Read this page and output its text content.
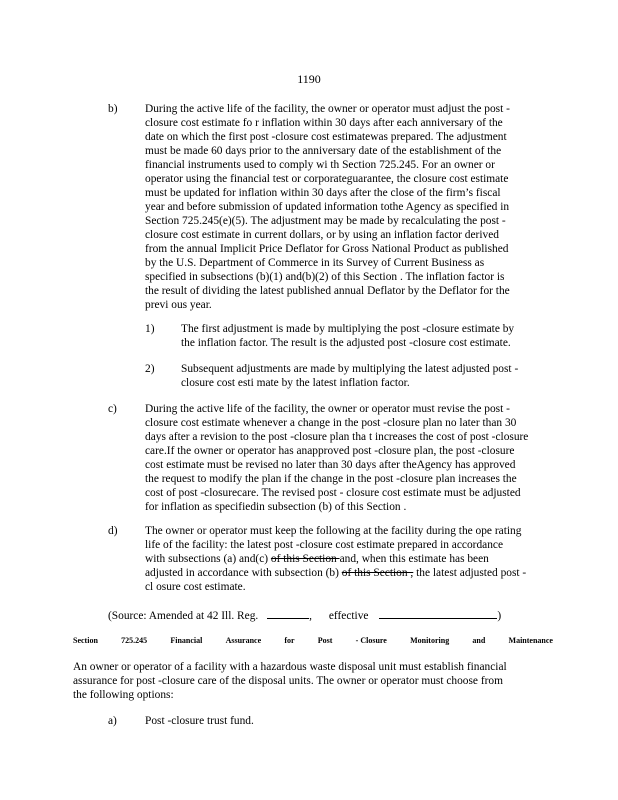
1190
b) During the active life of the facility, the owner or operator must adjust the post -
closure cost estimate fo r inflation within 30 days after each anniversary of the
date on which the first post -closure cost estimatewas prepared. The adjustment
must be made 60 days prior to the anniversary date of the establishment of the
financial instruments used to comply wi th Section 725.245. For an owner or
operator using the financial test or corporateguarantee, the closure cost estimate
must be updated for inflation within 30 days after the close of the firm’s fiscal
year and before submission of updated information tothe Agency as specified in
Section 725.245(e)(5). The adjustment may be made by recalculating the post -
closure cost estimate in current dollars, or by using an inflation factor derived
from the annual Implicit Price Deflator for Gross National Product as published
by the U.S. Department of Commerce in its Survey of Current Business as
specified in subsections (b)(1) and(b)(2) of this Section . The inflation factor is
the result of dividing the latest published annual Deflator by the Deflator for the
previ ous year.
1) The first adjustment is made by multiplying the post -closure estimate by
the inflation factor. The result is the adjusted post -closure cost estimate.
2) Subsequent adjustments are made by multiplying the latest adjusted post -
closure cost esti mate by the latest inflation factor.
c) During the active life of the facility, the owner or operator must revise the post -
closure cost estimate whenever a change in the post -closure plan no later than 30
days after a revision to the post -closure plan tha t increases the cost of post -closure
care.If the owner or operator has anapproved post -closure plan, the post -closure
cost estimate must be revised no later than 30 days after theAgency has approved
the request to modify the plan if the change in the post -closure plan increases the
cost of post -closurecare. The revised post - closure cost estimate must be adjusted
for inflation as specifiedin subsection (b) of this Section .
d) The owner or operator must keep the following at the facility during the ope rating
life of the facility: the latest post -closure cost estimate prepared in accordance
with subsections (a) and(c) of this Section and, when this estimate has been
adjusted in accordance with subsection (b) of this Section , the latest adjusted post -
cl osure cost estimate.
(Source: Amended at 42 Ill. Reg.	, effective	)
Section	725.245	Financial	Assurance	for	Post	- Closure	Monitoring	and	Maintenance
An owner or operator of a facility with a hazardous waste disposal unit must establish financial
assurance for post -closure care of the disposal units. The owner or operator must choose from
the following options:
a) Post -closure trust fund.
